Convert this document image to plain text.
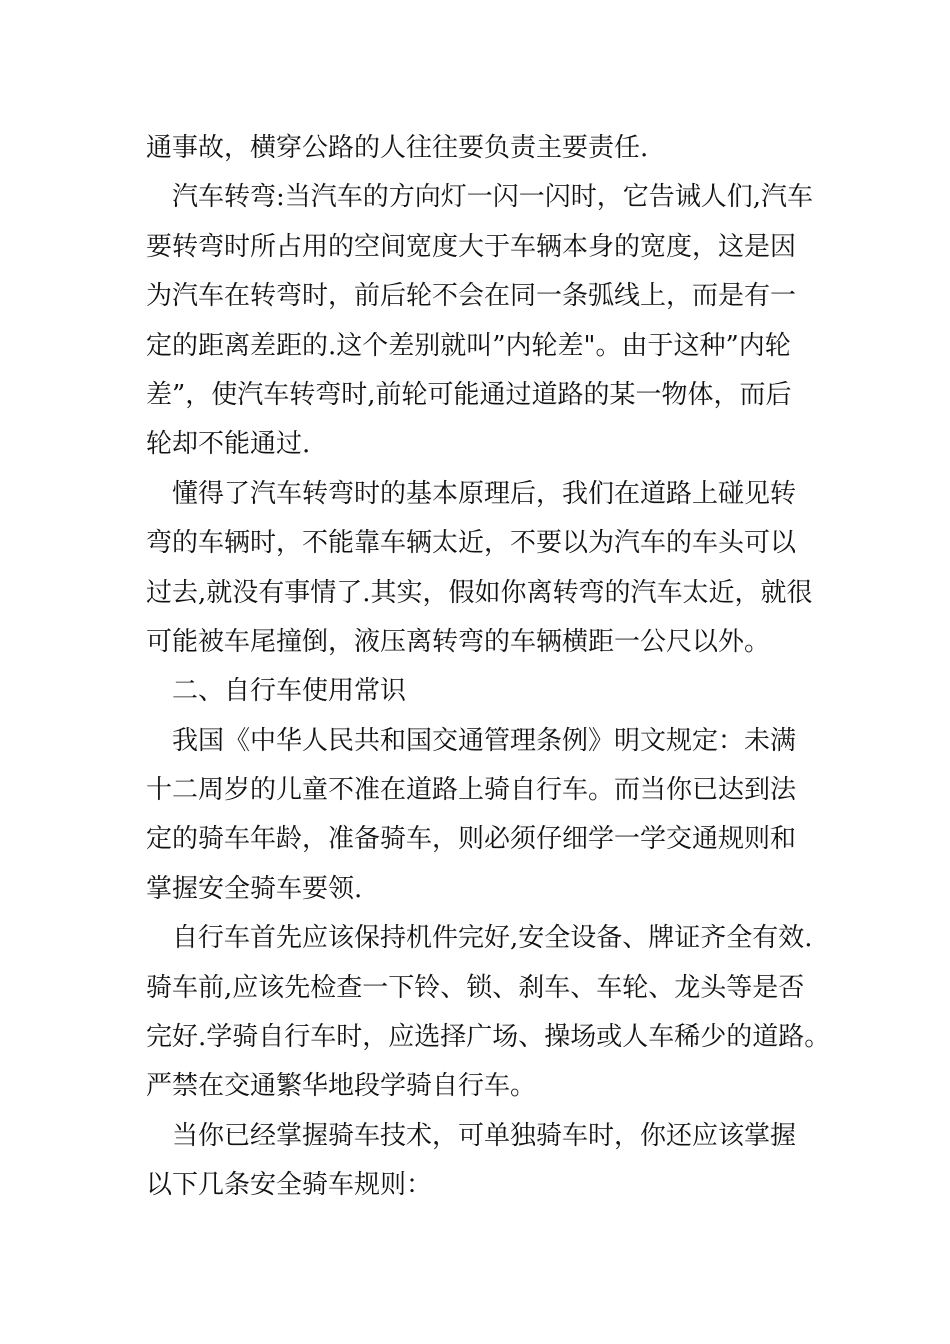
通事故，横穿公路的人往往要负责主要责任.
汽车转弯:当汽车的方向灯一闪一闪时，它告诫人们,汽车
要转弯时所占用的空间宽度大于车辆本身的宽度，这是因
为汽车在转弯时，前后轮不会在同一条弧线上，而是有一
定的距离差距的.这个差别就叫”内轮差"。由于这种”内轮
差”，使汽车转弯时,前轮可能通过道路的某一物体，而后
轮却不能通过.
懂得了汽车转弯时的基本原理后，我们在道路上碰见转
弯的车辆时，不能靠车辆太近，不要以为汽车的车头可以
过去,就没有事情了.其实，假如你离转弯的汽车太近，就很
可能被车尾撞倒，液压离转弯的车辆横距一公尺以外。
二、自行车使用常识
我国《中华人民共和国交通管理条例》明文规定：未满
十二周岁的儿童不准在道路上骑自行车。而当你已达到法
定的骑车年龄，准备骑车，则必须仔细学一学交通规则和
掌握安全骑车要领.
自行车首先应该保持机件完好,安全设备、牌证齐全有效.
骑车前,应该先检查一下铃、锁、刹车、车轮、龙头等是否
完好.学骑自行车时，应选择广场、操场或人车稀少的道路。
严禁在交通繁华地段学骑自行车。
当你已经掌握骑车技术，可单独骑车时，你还应该掌握
以下几条安全骑车规则：
